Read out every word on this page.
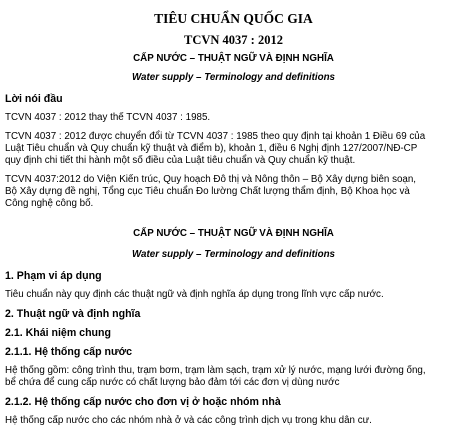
TIÊU CHUẨN QUỐC GIA
TCVN 4037 : 2012
CẤP NƯỚC – THUẬT NGỮ VÀ ĐỊNH NGHĨA
Water supply – Terminology and definitions
Lời nói đầu
TCVN 4037 : 2012 thay thế TCVN 4037 : 1985.
TCVN 4037 : 2012 được chuyển đổi từ TCVN 4037 : 1985 theo quy định tại khoản 1 Điều 69 của
Luật Tiêu chuẩn và Quy chuẩn kỹ thuật và điểm b), khoản 1, điều 6 Nghị định 127/2007/NĐ-CP
quy định chi tiết thi hành một số điều của Luật tiêu chuẩn và Quy chuẩn kỹ thuật.
TCVN 4037:2012 do Viện Kiến trúc, Quy hoạch Đô thị và Nông thôn – Bộ Xây dựng biên soạn,
Bộ Xây dựng đề nghị, Tổng cục Tiêu chuẩn Đo lường Chất lượng thẩm định, Bộ Khoa học và
Công nghệ công bố.
CẤP NƯỚC – THUẬT NGỮ VÀ ĐỊNH NGHĨA
Water supply – Terminology and definitions
1. Phạm vi áp dụng
Tiêu chuẩn này quy định các thuật ngữ và định nghĩa áp dụng trong lĩnh vực cấp nước.
2. Thuật ngữ và định nghĩa
2.1. Khái niệm chung
2.1.1. Hệ thống cấp nước
Hệ thống gồm: công trình thu, trạm bơm, trạm làm sạch, trạm xử lý nước, mạng lưới đường ống,
bể chứa để cung cấp nước có chất lượng bảo đảm tới các đơn vị dùng nước
2.1.2. Hệ thống cấp nước cho đơn vị ở hoặc nhóm nhà
Hệ thống cấp nước cho các nhóm nhà ở và các công trình dịch vụ trong khu dân cư.
